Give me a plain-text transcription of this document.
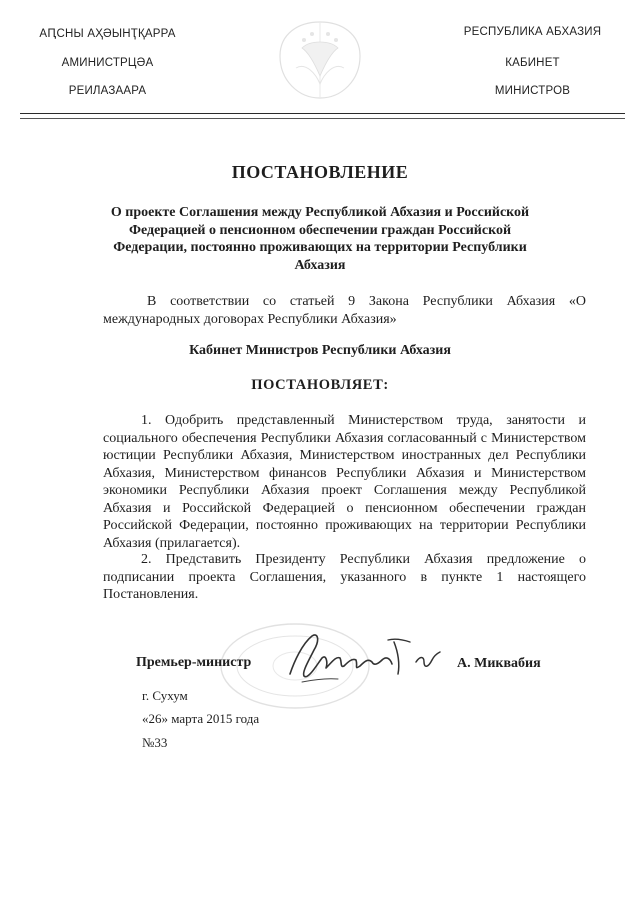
АԤСНЫ АҲӘЫНҬҚАРРА
АМИНИСТРЦӘА
РЕИЛАЗААРА
РЕСПУБЛИКА АБХАЗИЯ
КАБИНЕТ
МИНИСТРОВ
ПОСТАНОВЛЕНИЕ
О проекте Соглашения между Республикой Абхазия и Российской Федерацией о пенсионном обеспечении граждан Российской Федерации, постоянно проживающих на территории Республики Абхазия
В соответствии со статьей 9 Закона Республики Абхазия «О международных договорах Республики Абхазия»
Кабинет Министров Республики Абхазия
ПОСТАНОВЛЯЕТ:
1. Одобрить представленный Министерством труда, занятости и социального обеспечения Республики Абхазия согласованный с Министерством юстиции Республики Абхазия, Министерством иностранных дел Республики Абхазия, Министерством финансов Республики Абхазия и Министерством экономики Республики Абхазия проект Соглашения между Республикой Абхазия и Российской Федерацией о пенсионном обеспечении граждан Российской Федерации, постоянно проживающих на территории Республики Абхазия (прилагается).
2. Представить Президенту Республики Абхазия предложение о подписании проекта Соглашения, указанного в пункте 1 настоящего Постановления.
Премьер-министр	А. Миквабия
г. Сухум
«26» марта 2015 года
№33
